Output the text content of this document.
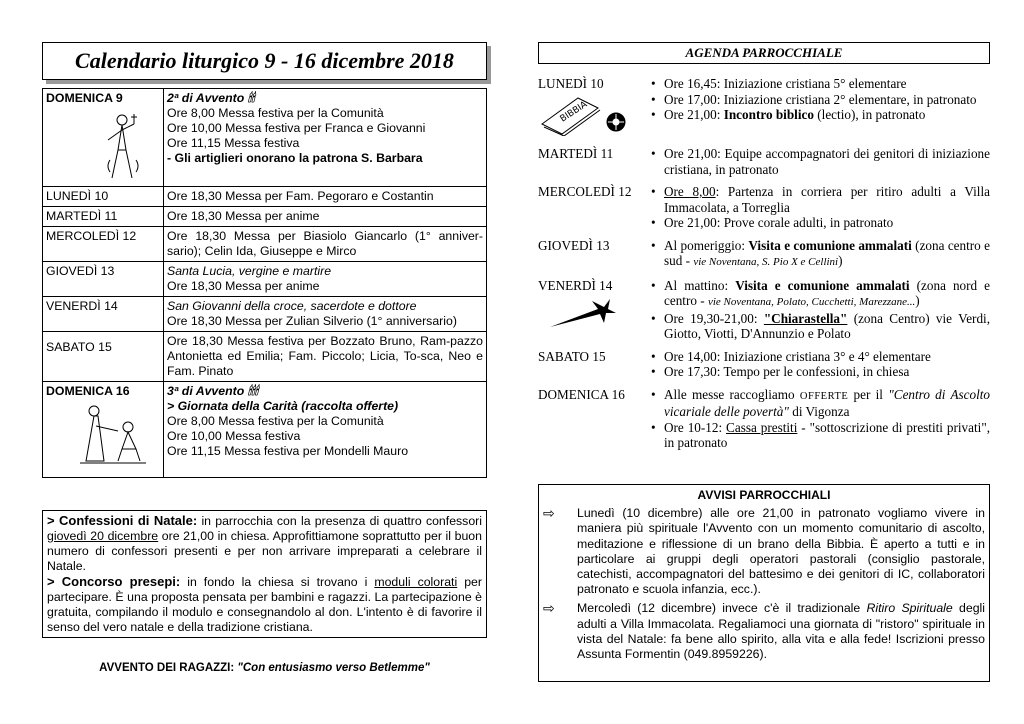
Calendario liturgico 9 - 16 dicembre 2018
DOMENICA 9	2ª di Avvento 🕯🕯
Ore 8,00 Messa festiva per la Comunità
Ore 10,00 Messa festiva per Franca e Giovanni
Ore 11,15 Messa festiva
- Gli artiglieri onorano la patrona S. Barbara

LUNEDÌ 10	Ore 18,30 Messa per Fam. Pegoraro e Costantin
MARTEDÌ 11	Ore 18,30 Messa per anime
MERCOLEDÌ 12	Ore 18,30 Messa per Biasiolo Giancarlo (1° anniver-sario); Celin Ida, Giuseppe e Mirco
GIOVEDÌ 13	Santa Lucia, vergine e martire
Ore 18,30 Messa per anime

VENERDÌ 14	San Giovanni della croce, sacerdote e dottore
Ore 18,30 Messa per Zulian Silverio (1° anniversario)

SABATO 15	Ore 18,30 Messa festiva per Bozzato Bruno, Ram-pazzo Antonietta ed Emilia; Fam. Piccolo; Licia, To-sca, Neo e Fam. Pinato

DOMENICA 16	3ª di Avvento 🕯🕯🕯
> Giornata della Carità (raccolta offerte)
Ore 8,00 Messa festiva per la Comunità
Ore 10,00 Messa festiva
Ore 11,15 Messa festiva per Mondelli Mauro

> Confessioni di Natale: in parrocchia con la presenza di quattro confessori giovedì 20 dicembre ore 21,00 in chiesa. Approfittiamone soprattutto per il buon numero di confessori presenti e per non arrivare impreparati a celebrare il Natale.

> Concorso presepi: in fondo la chiesa si trovano i moduli colorati per partecipare. È una proposta pensata per bambini e ragazzi. La partecipazione è gratuita, compilando il modulo e consegnandolo al don. L'intento è di favorire il senso del vero natale e della tradizione cristiana.

AVVENTO DEI RAGAZZI: "Con entusiasmo verso Betlemme"
AGENDA PARROCCHIALE
LUNEDÌ 10
BIBBIA
• Ore 16,45: Iniziazione cristiana 5° elementare
• Ore 17,00: Iniziazione cristiana 2° elementare, in patronato
• Ore 21,00: Incontro biblico (lectio), in patronato
MARTEDÌ 11	• Ore 21,00: Equipe accompagnatori dei genitori di iniziazione cristiana, in patronato
MERCOLEDÌ 12	• Ore 8,00: Partenza in corriera per ritiro adulti a Villa Immacolata, a Torreglia
• Ore 21,00: Prove corale adulti, in patronato
GIOVEDÌ 13	• Al pomeriggio: Visita e comunione ammalati (zona centro e sud - vie Noventana, S. Pio X e Cellini)
VENERDÌ 14	• Al mattino: Visita e comunione ammalati (zona nord e centro - vie Noventana, Polato, Cucchetti, Marezzane...)
• Ore 19,30-21,00: "Chiarastella" (zona Centro) vie Verdi, Giotto, Viotti, D'Annunzio e Polato
SABATO 15	• Ore 14,00: Iniziazione cristiana 3° e 4° elementare
• Ore 17,30: Tempo per le confessioni, in chiesa
DOMENICA 16	• Alle messe raccogliamo OFFERTE per il "Centro di Ascolto vicariale delle povertà" di Vigonza
• Ore 10-12: Cassa prestiti - "sottoscrizione di prestiti privati", in patronato
AVVISI PARROCCHIALI
⇨	Lunedì (10 dicembre) alle ore 21,00 in patronato vogliamo vivere in maniera più spirituale l'Avvento con un momento comunitario di ascolto, meditazione e riflessione di un brano della Bibbia. È aperto a tutti e in particolare ai gruppi degli operatori pastorali (consiglio pastorale, catechisti, accompagnatori del battesimo e dei genitori di IC, collaboratori patronato e scuola infanzia, ecc.).
⇨	Mercoledì (12 dicembre) invece c'è il tradizionale Ritiro Spirituale degli adulti a Villa Immacolata. Regaliamoci una giornata di "ristoro" spirituale in vista del Natale: fa bene allo spirito, alla vita e alla fede! Iscrizioni presso Assunta Formentin (049.8959226).
